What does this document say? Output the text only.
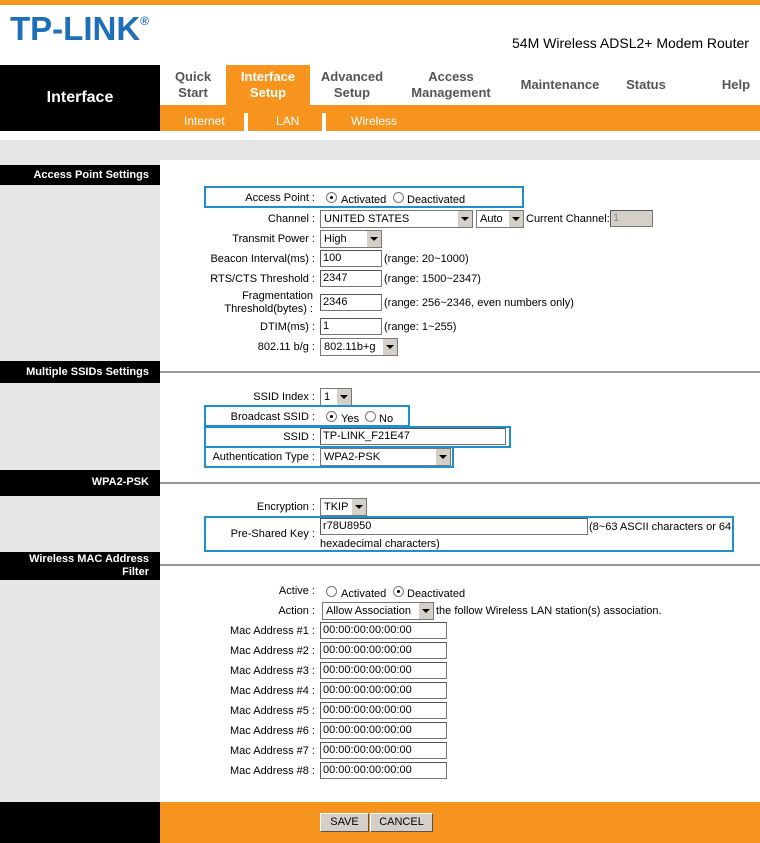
TP-LINK®
54M Wireless ADSL2+ Modem Router
Interface
Quick
Start
Interface
Setup
Advanced
Setup
Access
Management
Maintenance Status	Help
Internet	LAN	Wireless
Access Point Settings
Multiple SSIDs Settings
WPA2-PSK
Wireless MAC Address
Filter
Access Point : Activated Deactivated
Channel : UNITED STATES	Auto	Current Channel: 1
Transmit Power : High
Beacon Interval(ms) : 100	(range: 20~1000)
RTS/CTS Threshold : 2347	(range: 1500~2347)
Fragmentation
Threshold(bytes) :
2346	(range: 256~2346, even numbers only)
DTIM(ms) : 1	(range: 1~255)
802.11 b/g : 802.11b+g
SSID Index : 1
Broadcast SSID : Yes No
SSID : TP-LINK_F21E47
Authentication Type : WPA2-PSK
Encryption : TKIP
Pre-Shared Key :
r78U8950	(8~63 ASCII characters or 64
hexadecimal characters)
Active : Activated Deactivated
Action :	Allow Association	the follow Wireless LAN station(s) association.
Mac Address #1 : 00:00:00:00:00:00
Mac Address #2 : 00:00:00:00:00:00
Mac Address #3 : 00:00:00:00:00:00
Mac Address #4 : 00:00:00:00:00:00
Mac Address #5 : 00:00:00:00:00:00
Mac Address #6 : 00:00:00:00:00:00
Mac Address #7 : 00:00:00:00:00:00
Mac Address #8 : 00:00:00:00:00:00
SAVE	CANCEL
